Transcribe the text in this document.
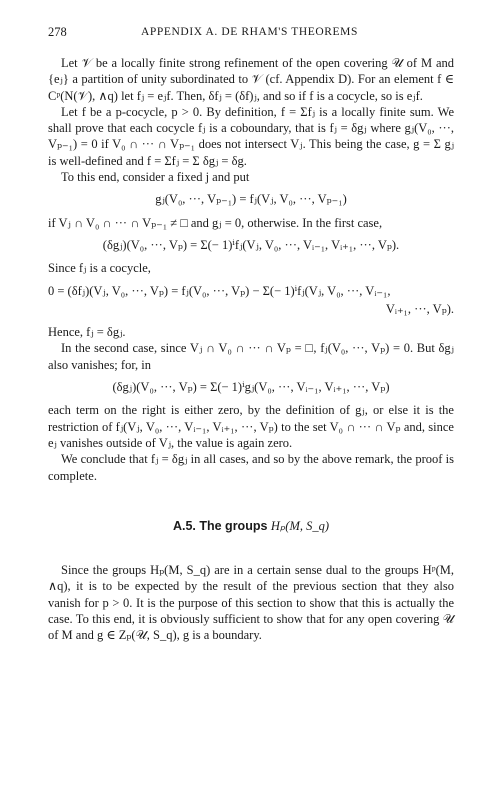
278	APPENDIX A. DE RHAM'S THEOREMS

Let 𝒱 be a locally finite strong refinement of the open covering 𝒰 of M and {eⱼ} a partition of unity subordinated to 𝒱 (cf. Appendix D). For an element f ∈ Cᵖ(N(𝒱), ∧q) let fⱼ = eⱼf. Then, δfⱼ = (δf)ⱼ, and so if f is a cocycle, so is eⱼf.

Let f be a p-cocycle, p > 0. By definition, f = Σfⱼ is a locally finite sum. We shall prove that each cocycle fⱼ is a coboundary, that is fⱼ = δgⱼ where gⱼ(V₀, ···, Vₚ₋₁) = 0 if V₀ ∩ ··· ∩ Vₚ₋₁ does not intersect Vⱼ. This being the case, g = Σ gⱼ is well-defined and f = Σfⱼ = Σ δgⱼ = δg.

To this end, consider a fixed j and put

gⱼ(V₀, ···, Vₚ₋₁) = fⱼ(Vⱼ, V₀, ···, Vₚ₋₁)

if Vⱼ ∩ V₀ ∩ ··· ∩ Vₚ₋₁ ≠ □ and gⱼ = 0, otherwise. In the first case,

(δgⱼ)(V₀, ···, Vₚ) = Σ(− 1)ⁱfⱼ(Vⱼ, V₀, ···, Vᵢ₋₁, Vᵢ₊₁, ···, Vₚ).

Since fⱼ is a cocycle,

0 = (δfⱼ)(Vⱼ, V₀, ···, Vₚ) = fⱼ(V₀, ···, Vₚ) − Σ(− 1)ⁱfⱼ(Vⱼ, V₀, ···, Vᵢ₋₁,
Vᵢ₊₁, ···, Vₚ).

Hence, fⱼ = δgⱼ.

In the second case, since Vⱼ ∩ V₀ ∩ ··· ∩ Vₚ = □, fⱼ(V₀, ···, Vₚ) = 0. But δgⱼ also vanishes; for, in

(δgⱼ)(V₀, ···, Vₚ) = Σ(− 1)ⁱgⱼ(V₀, ···, Vᵢ₋₁, Vᵢ₊₁, ···, Vₚ)

each term on the right is either zero, by the definition of gⱼ, or else it is the restriction of fⱼ(Vⱼ, V₀, ···, Vᵢ₋₁, Vᵢ₊₁, ···, Vₚ) to the set V₀ ∩ ··· ∩ Vₚ and, since eⱼ vanishes outside of Vⱼ, the value is again zero.

We conclude that fⱼ = δgⱼ in all cases, and so by the above remark, the proof is complete.

A.5. The groups Hₚ(M, S_q)

Since the groups Hₚ(M, S_q) are in a certain sense dual to the groups Hᵖ(M, ∧q), it is to be expected by the result of the previous section that they also vanish for p > 0. It is the purpose of this section to show that this is actually the case. To this end, it is obviously sufficient to show that for any open covering 𝒰 of M and g ∈ Zₚ(𝒰, S_q), g is a boundary.
